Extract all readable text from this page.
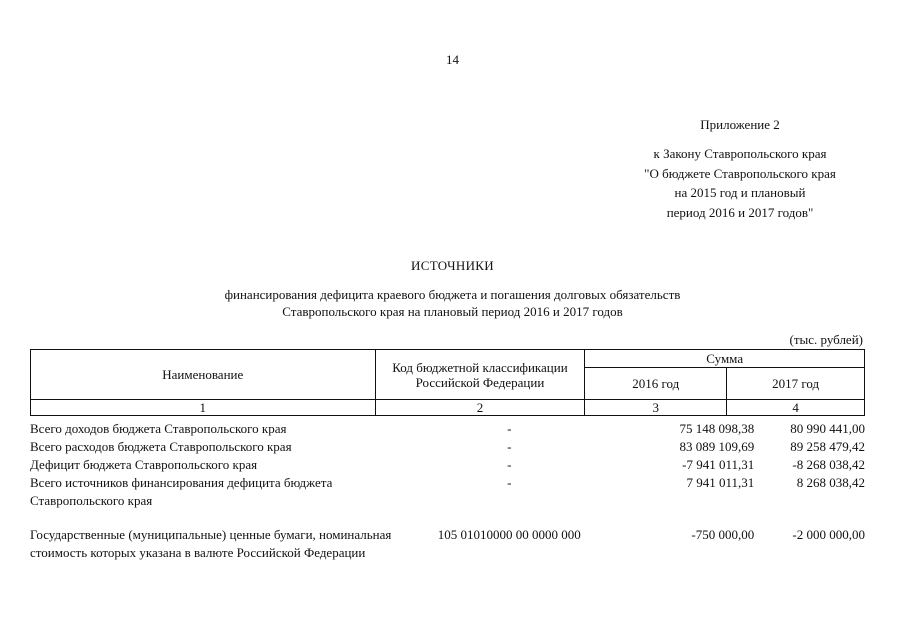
14
Приложение 2
к Закону Ставропольского края
"О бюджете Ставропольского края
на 2015 год и плановый
период 2016 и 2017 годов"
ИСТОЧНИКИ
финансирования дефицита краевого бюджета и погашения долговых обязательств
Ставропольского края на плановый период 2016 и 2017 годов
(тыс. рублей)
Наименование	Код бюджетной классификации Российской Федерации	Сумма	
		2016 год	2017 год
1	2	3	4
Всего доходов бюджета Ставропольского края	-	75 148 098,38	80 990 441,00
Всего расходов бюджета Ставропольского края	-	83 089 109,69	89 258 479,42
Дефицит бюджета Ставропольского края	-	-7 941 011,31	-8 268 038,42
Всего источников финансирования дефицита бюджета Ставропольского края	-	7 941 011,31	8 268 038,42
Государственные (муниципальные) ценные бумаги, номинальная стоимость которых указана в валюте Российской Федерации	105 01010000 00 0000 000	-750 000,00	-2 000 000,00
